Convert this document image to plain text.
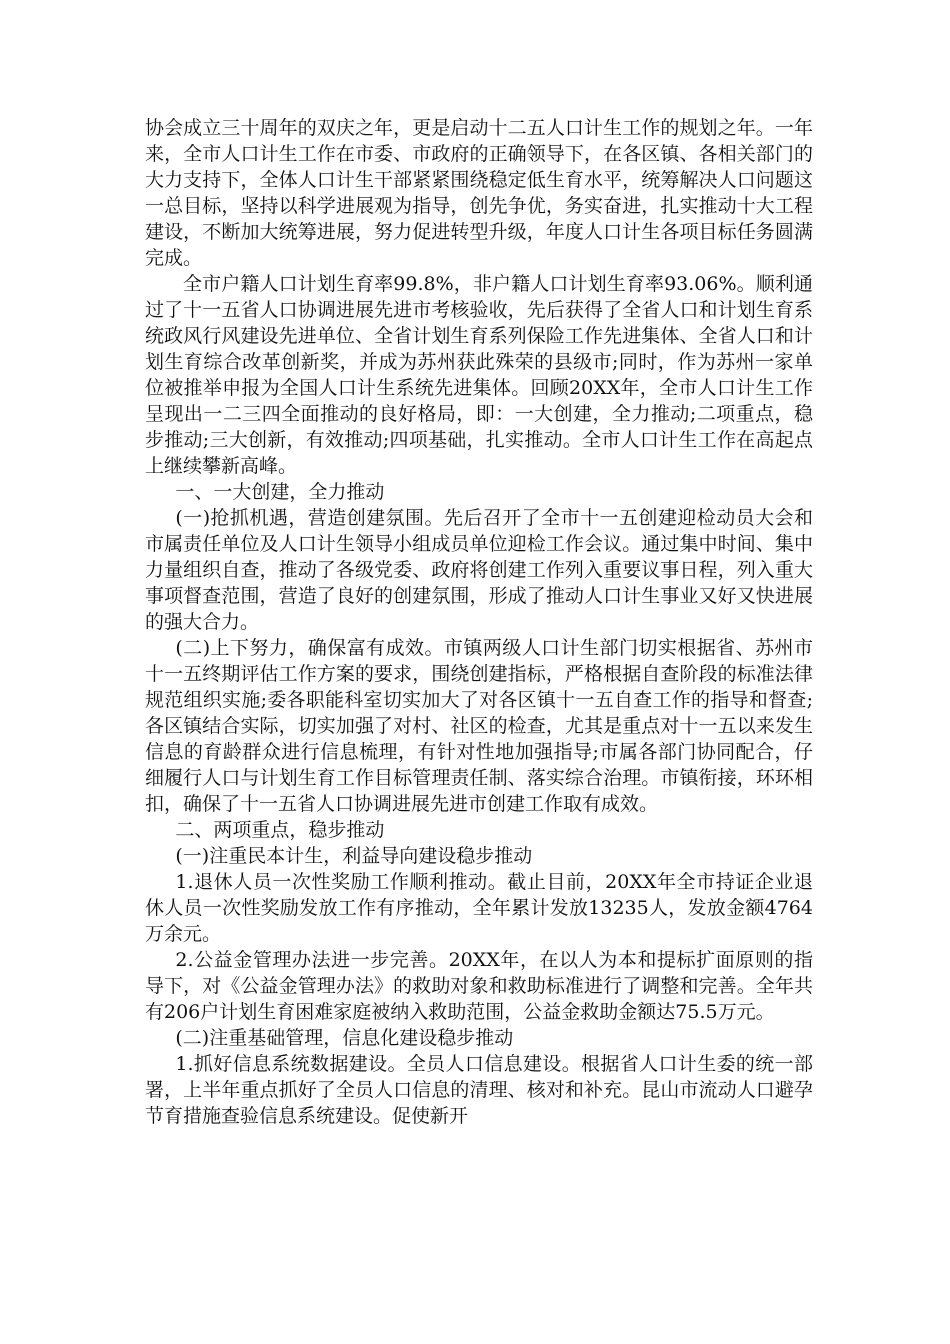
协会成立三十周年的双庆之年，更是启动十二五人口计生工作的规划之年。一年来，全市人口计生工作在市委、市政府的正确领导下，在各区镇、各相关部门的大力支持下，全体人口计生干部紧紧围绕稳定低生育水平，统筹解决人口问题这一总目标，坚持以科学进展观为指导，创先争优，务实奋进，扎实推动十大工程建设，不断加大统筹进展，努力促进转型升级，年度人口计生各项目标任务圆满完成。

全市户籍人口计划生育率99.8%，非户籍人口计划生育率93.06%。顺利通过了十一五省人口协调进展先进市考核验收，先后获得了全省人口和计划生育系统政风行风建设先进单位、全省计划生育系列保险工作先进集体、全省人口和计划生育综合改革创新奖，并成为苏州获此殊荣的县级市;同时，作为苏州一家单位被推举申报为全国人口计生系统先进集体。回顾20XX年，全市人口计生工作呈现出一二三四全面推动的良好格局，即：一大创建，全力推动;二项重点，稳步推动;三大创新，有效推动;四项基础，扎实推动。全市人口计生工作在高起点上继续攀新高峰。

一、一大创建，全力推动

(一)抢抓机遇，营造创建氛围。先后召开了全市十一五创建迎检动员大会和市属责任单位及人口计生领导小组成员单位迎检工作会议。通过集中时间、集中力量组织自查，推动了各级党委、政府将创建工作列入重要议事日程，列入重大事项督查范围，营造了良好的创建氛围，形成了推动人口计生事业又好又快进展的强大合力。

(二)上下努力，确保富有成效。市镇两级人口计生部门切实根据省、苏州市十一五终期评估工作方案的要求，围绕创建指标，严格根据自查阶段的标准法律规范组织实施;委各职能科室切实加大了对各区镇十一五自查工作的指导和督查;各区镇结合实际，切实加强了对村、社区的检查，尤其是重点对十一五以来发生信息的育龄群众进行信息梳理，有针对性地加强指导;市属各部门协同配合，仔细履行人口与计划生育工作目标管理责任制、落实综合治理。市镇衔接，环环相扣，确保了十一五省人口协调进展先进市创建工作取有成效。

二、两项重点，稳步推动

(一)注重民本计生，利益导向建设稳步推动

1.退休人员一次性奖励工作顺利推动。截止目前，20XX年全市持证企业退休人员一次性奖励发放工作有序推动，全年累计发放13235人，发放金额4764万余元。

2.公益金管理办法进一步完善。20XX年，在以人为本和提标扩面原则的指导下，对《公益金管理办法》的救助对象和救助标准进行了调整和完善。全年共有206户计划生育困难家庭被纳入救助范围，公益金救助金额达75.5万元。

(二)注重基础管理，信息化建设稳步推动

1.抓好信息系统数据建设。全员人口信息建设。根据省人口计生委的统一部署，上半年重点抓好了全员人口信息的清理、核对和补充。昆山市流动人口避孕节育措施查验信息系统建设。促使新开
